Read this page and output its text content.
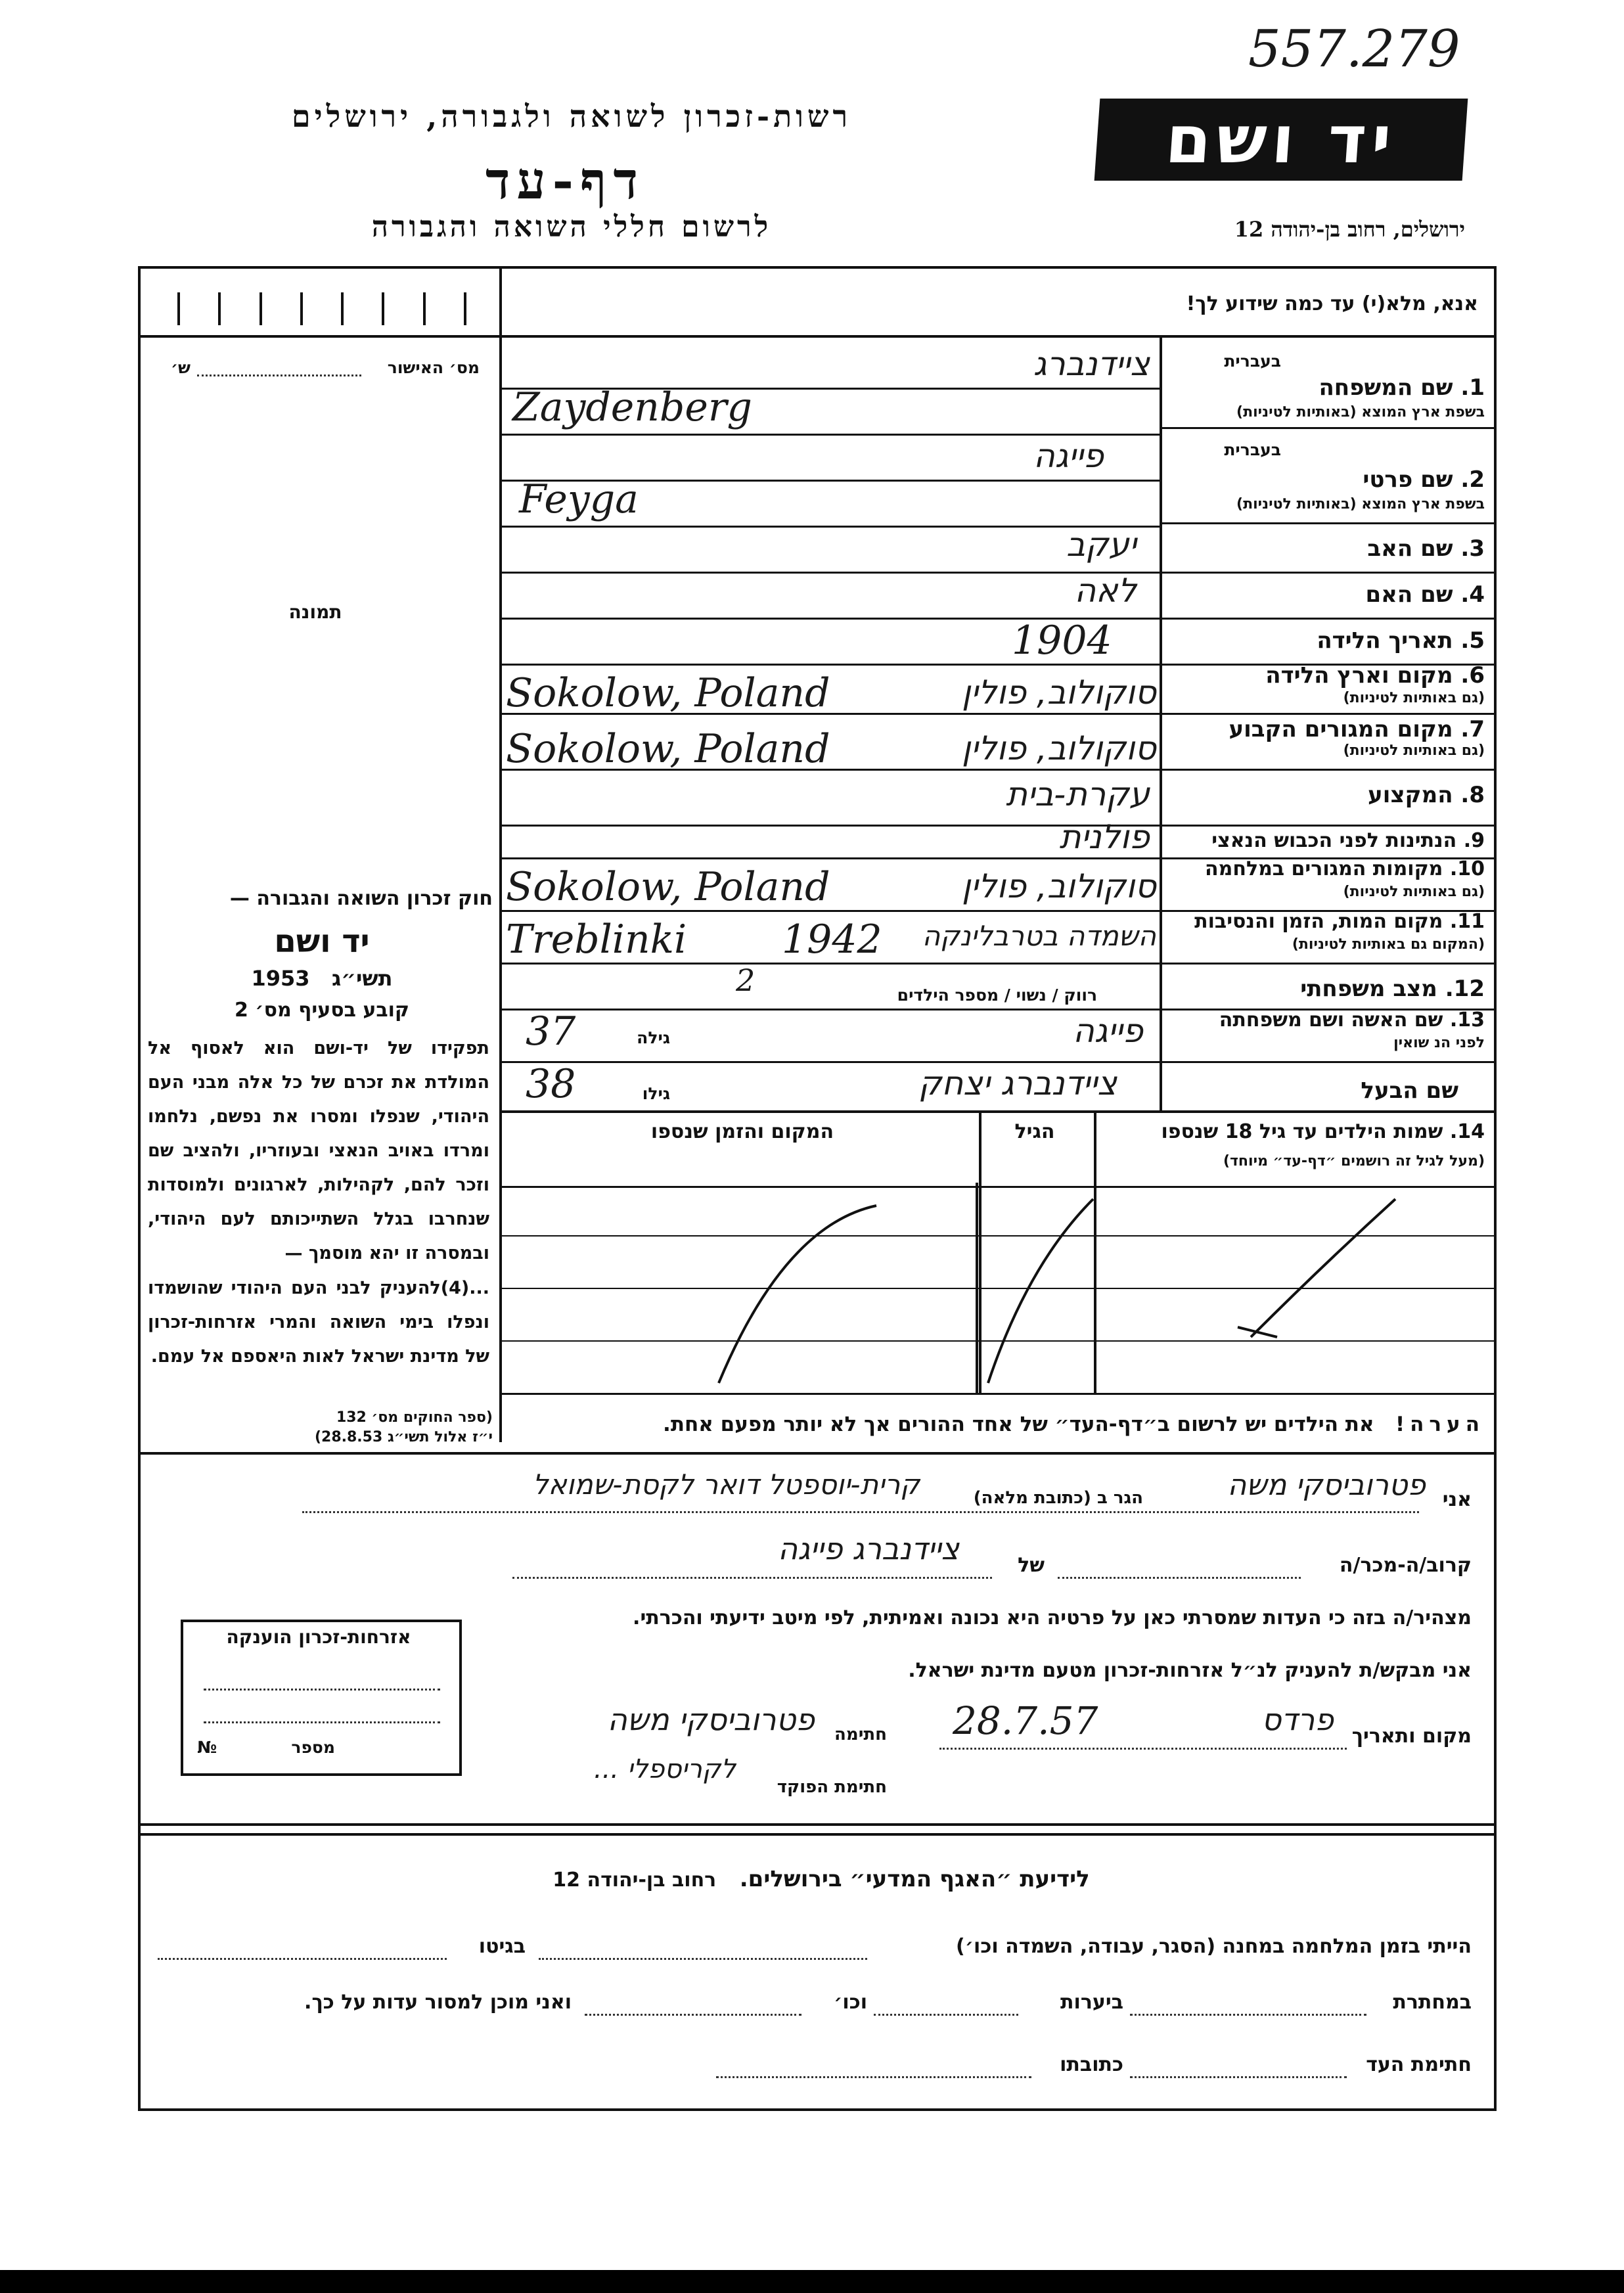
557.279
רשות-זכרון לשואה ולגבורה, ירושלים
דף-עד
לרשום חללי השואה והגבורה
יד ושם
ירושלים, רחוב בן-יהודה 12
אנא, מלא(י) עד כמה שידוע לך!
מס׳ האישור
ש׳	בעברית
1. שם המשפחה
בשפת ארץ המוצא (באותיות לטיניות)
ציידנברג
Zaydenberg
בעברית
2. שם פרטי
בשפת ארץ המוצא (באותיות לטיניות)
פייגה
Feyga
3. שם האב
יעקב
4. שם האם
לאה
5. תאריך הלידה
1904
6. מקום וארץ הלידה
(גם באותיות לטיניות)
סוקולוב, פולין
Sokolow, Poland
7. מקום המגורים הקבוע
(גם באותיות לטיניות)
סוקולוב, פולין
Sokolow, Poland
8. המקצוע
עקרת-בית
9. הנתינות לפני הכבוש הנאצי
פולנית
10. מקומות המגורים במלחמה
(גם באותיות לטיניות)
סוקולוב, פולין
Sokolow, Poland
11. מקום המות, הזמן והנסיבות
(המקום גם באותיות לטיניות)
השמדה בטרבלינקה
1942
Treblinki
12. מצב משפחתי
רווק / נשוי / מספר הילדים
2
13. שם האשה ושם משפחתה
לפני הנ שואין
פייגה
גילה
37
שם הבעל
ציידנברג יצחק
גילו
38
14. שמות הילדים עד גיל 18 שנספו
(מעל לגיל זה רושמים ״דף-עד״ מיוחד)
הגיל
המקום והזמן שנספו
הערה!   את הילדים יש לרשום ב״דף-העד״ של אחד ההורים אך לא יותר מפעם אחת.
תמונה
חוק זכרון השואה והגבורה —
יד ושם
1953 תשי״ג
קובע בסעיף מס׳ 2
תפקידו של יד-ושם הוא לאסוף אל המולדת את זכרם של כל אלה מבני העם היהודי, שנפלו ומסרו את נפשם, נלחמו ומרדו באויב הנאצי ובעוזריו, ולהציב שם וזכר להם, לקהילות, לארגונים ולמוסדות שנחרבו בגלל השתייכותם לעם היהודי, ובמסרה זו יהא מוסמך —
...(4)להעניק לבני העם היהודי שהושמדו ונפלו בימי השואה והמרי אזרחות-זכרון של מדינת ישראל לאות היאספם אל עמם.
(ספר החוקים מס׳ 132
י״ז אלול תשי״ג 28.8.53)
אני
פטרוביסקי משה
הגר ב (כתובת מלאה)
קרית-יוספטל דואר לקסת-שמואל
קרוב/ה-מכר/ה
ציידנברג פייגה	של
מצהיר/ה בזה כי העדות שמסרתי כאן על פרטיה היא נכונה ואמיתית, לפי מיטב ידיעתי והכרתי.
אני מבקש/ת להעניק לנ״ל אזרחות-זכרון מטעם מדינת ישראל.
מקום ותאריך
פרדס
28.7.57
חתימה
פטרוביסקי משה
חתימת הפוקד
לקריספלי ...
אזרחות-זכרון הוענקה
מספר
№
לידיעת ״האגף המדעי״ בירושלים.   רחוב בן-יהודה 12
הייתי בזמן המלחמה במחנה (הסגר, עבודה, השמדה וכו׳)
בגיטו
במחתרת
ביערות
וכו׳
ואני מוכן למסור עדות על כך.
חתימת העד
כתובתו
